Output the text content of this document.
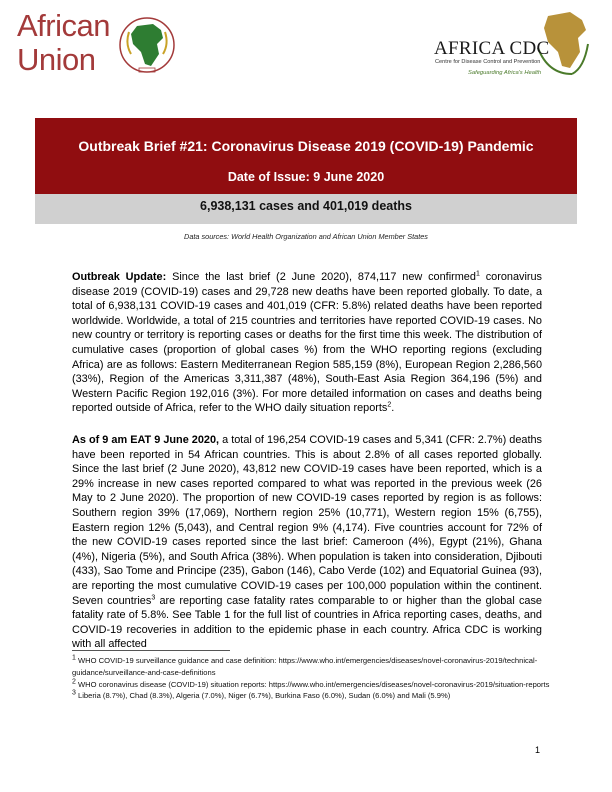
African
Union	AFRICA CDC
Centre for Disease Control and Prevention
Safeguarding Africa's Health
Outbreak Brief #21: Coronavirus Disease 2019 (COVID-19) Pandemic
Date of Issue: 9 June 2020
6,938,131 cases and 401,019 deaths
Data sources: World Health Organization and African Union Member States

Outbreak Update: Since the last brief (2 June 2020), 874,117 new confirmed$^1$ coronavirus disease 2019 (COVID-19) cases and 29,728 new deaths have been reported globally. To date, a total of 6,938,131 COVID-19 cases and 401,019 (CFR: 5.8%) related deaths have been reported worldwide. Worldwide, a total of 215 countries and territories have reported COVID-19 cases. No new country or territory is reporting cases or deaths for the first time this week. The distribution of cumulative cases (proportion of global cases %) from the WHO reporting regions (excluding Africa) are as follows: Eastern Mediterranean Region 585,159 (8%), European Region 2,286,560 (33%), Region of the Americas 3,311,387 (48%), South-East Asia Region 364,196 (5%) and Western Pacific Region 192,016 (3%). For more detailed information on cases and deaths being reported outside of Africa, refer to the WHO daily situation reports$^2$.

As of 9 am EAT 9 June 2020, a total of 196,254 COVID-19 cases and 5,341 (CFR: 2.7%) deaths have been reported in 54 African countries. This is about 2.8% of all cases reported globally. Since the last brief (2 June 2020), 43,812 new COVID-19 cases have been reported, which is a 29% increase in new cases reported compared to what was reported in the previous week (26 May to 2 June 2020). The proportion of new COVID-19 cases reported by region is as follows: Southern region 39% (17,069), Northern region 25% (10,771), Western region 15% (6,755), Eastern region 12% (5,043), and Central region 9% (4,174). Five countries account for 72% of the new COVID-19 cases reported since the last brief: Cameroon (4%), Egypt (21%), Ghana (4%), Nigeria (5%), and South Africa (38%). When population is taken into consideration, Djibouti (433), Sao Tome and Principe (235), Gabon (146), Cabo Verde (102) and Equatorial Guinea (93), are reporting the most cumulative COVID-19 cases per 100,000 population within the continent. Seven countries$^3$ are reporting case fatality rates comparable to or higher than the global case fatality rate of 5.8%. See Table 1 for the full list of countries in Africa reporting cases, deaths, and COVID-19 recoveries in addition to the epidemic phase in each country. Africa CDC is working with all affected

$^1$ WHO COVID-19 surveillance guidance and case definition: https://www.who.int/emergencies/diseases/novel-coronavirus-2019/technical-guidance/surveillance-and-case-definitions
$^2$ WHO coronavirus disease (COVID-19) situation reports: https://www.who.int/emergencies/diseases/novel-coronavirus-2019/situation-reports
$^3$ Liberia (8.7%), Chad (8.3%), Algeria (7.0%), Niger (6.7%), Burkina Faso (6.0%), Sudan (6.0%) and Mali (5.9%)
1
